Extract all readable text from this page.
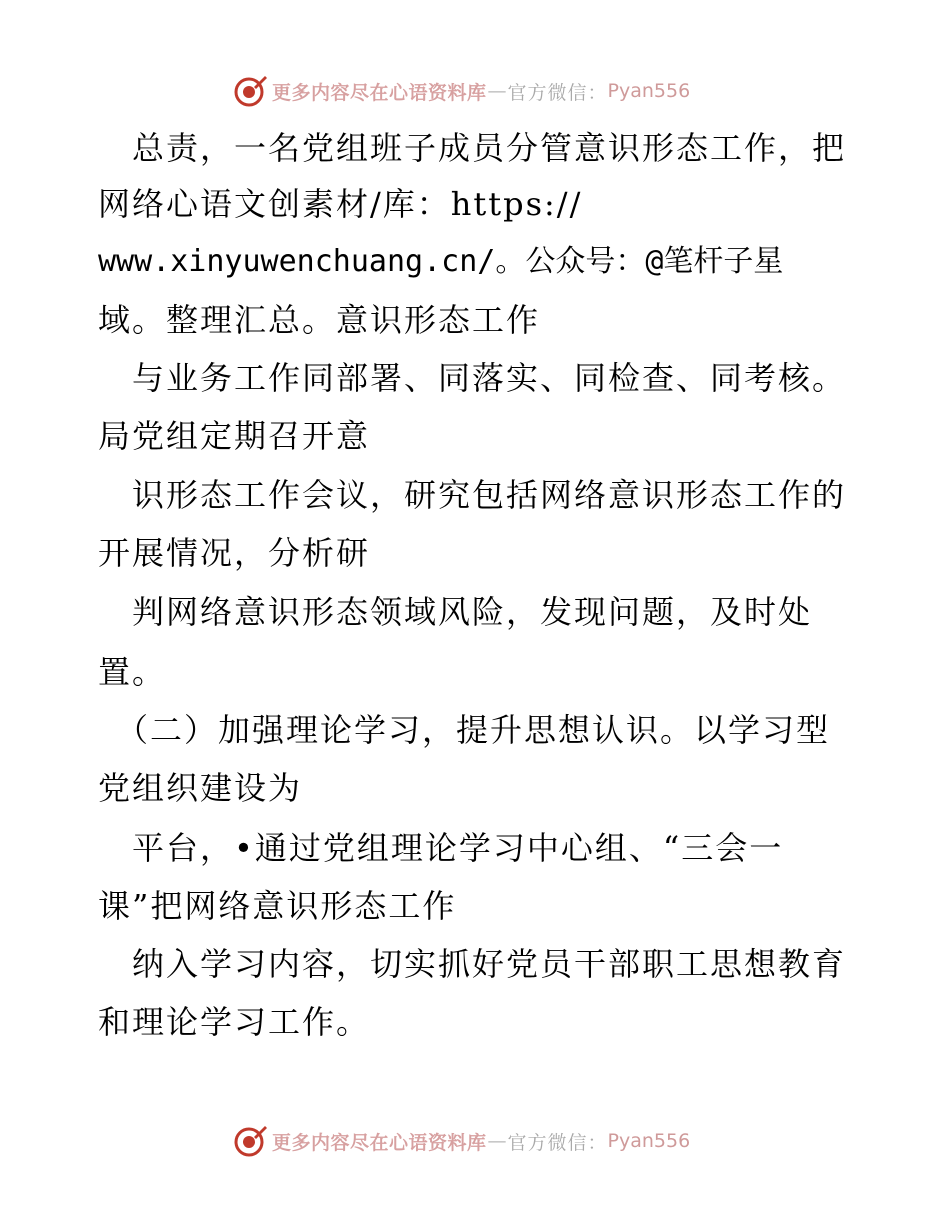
更多内容尽在心语资料库 — 官方微信： Pyan556
　总责，一名党组班子成员分管意识形态工作，把
网络心语文创素材/库：https://
www.xinyuwenchuang.cn/。公众号：@笔杆子星
域。整理汇总。意识形态工作
　与业务工作同部署、同落实、同检查、同考核。
局党组定期召开意
　识形态工作会议，研究包括网络意识形态工作的
开展情况，分析研
　判网络意识形态领域风险，发现问题，及时处
置。
　（二）加强理论学习，提升思想认识。以学习型
党组织建设为
　平台，•通过党组理论学习中心组、“三会一
课”把网络意识形态工作
　纳入学习内容，切实抓好党员干部职工思想教育
和理论学习工作。
更多内容尽在心语资料库 — 官方微信： Pyan556
